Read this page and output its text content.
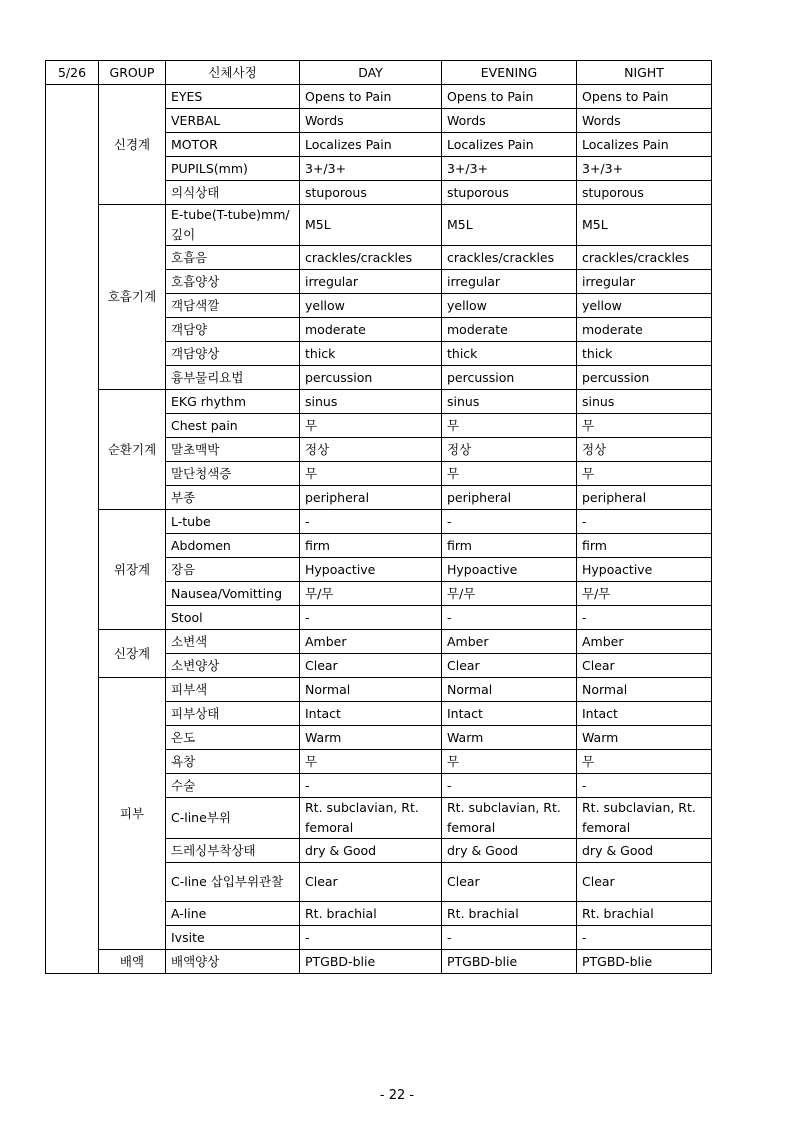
5/26	GROUP	신체사정	DAY	EVENING	NIGHT
	신경계	EYES	Opens to Pain	Opens to Pain	Opens to Pain
		VERBAL	Words	Words	Words
		MOTOR	Localizes Pain	Localizes Pain	Localizes Pain
		PUPILS(mm)	3+/3+	3+/3+	3+/3+
		의식상태	stuporous	stuporous	stuporous
	호흡기계	E-tube(T-tube)mm/깊이	M5L	M5L	M5L
		호흡음	crackles/crackles	crackles/crackles	crackles/crackles
		호흡양상	irregular	irregular	irregular
		객담색깔	yellow	yellow	yellow
		객담양	moderate	moderate	moderate
		객담양상	thick	thick	thick
		흉부물리요법	percussion	percussion	percussion
	순환기계	EKG rhythm	sinus	sinus	sinus
		Chest pain	무	무	무
		말초맥박	정상	정상	정상
		말단청색증	무	무	무
		부종	peripheral	peripheral	peripheral
	위장계	L-tube	-	-	-
		Abdomen	firm	firm	firm
		장음	Hypoactive	Hypoactive	Hypoactive
		Nausea/Vomitting	무/무	무/무	무/무
		Stool	-	-	-
	신장계	소변색	Amber	Amber	Amber
		소변양상	Clear	Clear	Clear
	피부	피부색	Normal	Normal	Normal
		피부상태	Intact	Intact	Intact
		온도	Warm	Warm	Warm
		욕창	무	무	무
		수술	-	-	-
		C-line부위	Rt. subclavian, Rt. femoral	Rt. subclavian, Rt. femoral	Rt. subclavian, Rt. femoral
		드레싱부착상태	dry & Good	dry & Good	dry & Good
		C-line 삽입부위관찰	Clear	Clear	Clear
		A-line	Rt. brachial	Rt. brachial	Rt. brachial
		Ivsite	-	-	-
	배액	배액양상	PTGBD-blie	PTGBD-blie	PTGBD-blie
- 22 -
